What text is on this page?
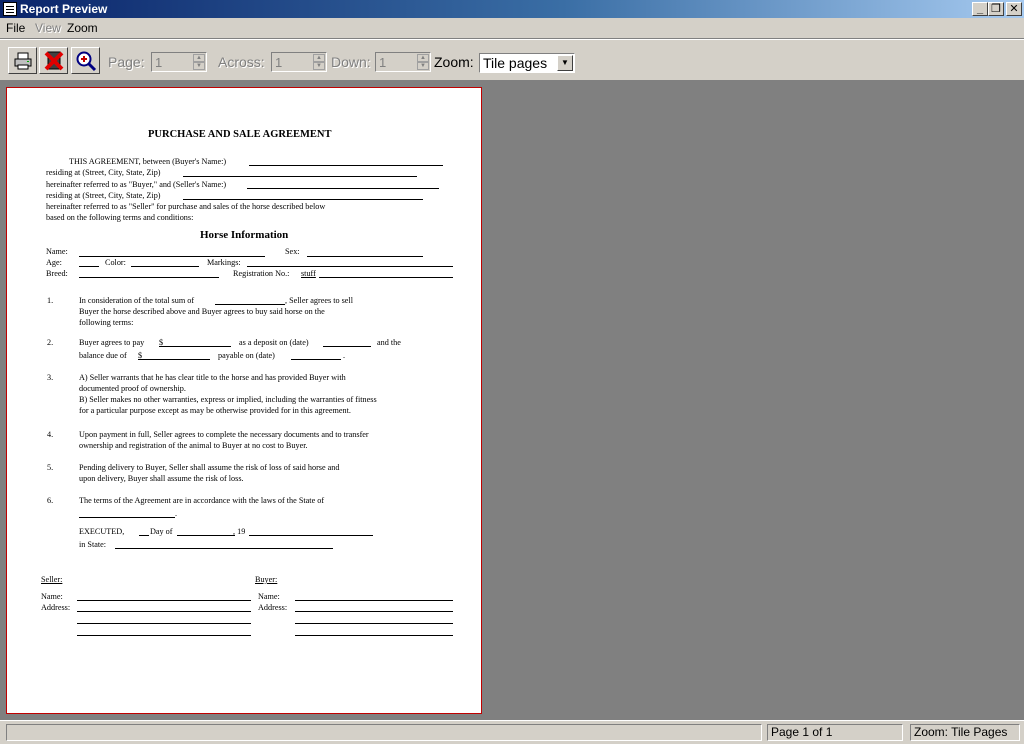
Report Preview	_ ❐ ✕
File View Zoom
Page: 1	▲
▼ Across: 1	▲
▼ Down: 1	▲
▼ Zoom: Tile pages	▼
PURCHASE AND SALE AGREEMENT
THIS AGREEMENT, between (Buyer's Name:)
residing at (Street, City, State, Zip)
hereinafter referred to as "Buyer," and (Seller's Name:)
residing at (Street, City, State, Zip)
hereinafter referred to as "Seller" for purchase and sales of the horse described below
based on the following terms and conditions:
Horse Information
Name:	Sex:
Age:	Color:	Markings:
Breed:	Registration No.: stuff
1.	In consideration of the total sum of	, Seller agrees to sell
Buyer the horse described above and Buyer agrees to buy said horse on the
following terms:
2.	Buyer agrees to pay $	as a deposit on (date)	and the
balance due of $	payable on (date)	.
3.	A) Seller warrants that he has clear title to the horse and has provided Buyer with
documented proof of ownership.
B) Seller makes no other warranties, express or implied, including the warranties of fitness
for a particular purpose except as may be otherwise provided for in this agreement.
4.	Upon payment in full, Seller agrees to complete the necessary documents and to transfer
ownership and registration of the animal to Buyer at no cost to Buyer.
5.	Pending delivery to Buyer, Seller shall assume the risk of loss of said horse and
upon delivery, Buyer shall assume the risk of loss.
6.	The terms of the Agreement are in accordance with the laws of the State of
.
EXECUTED,	Day of	, 19
in State:
Seller:	Buyer:
Name:	Name:
Address:	Address:
Page 1 of 1	Zoom: Tile Pages
